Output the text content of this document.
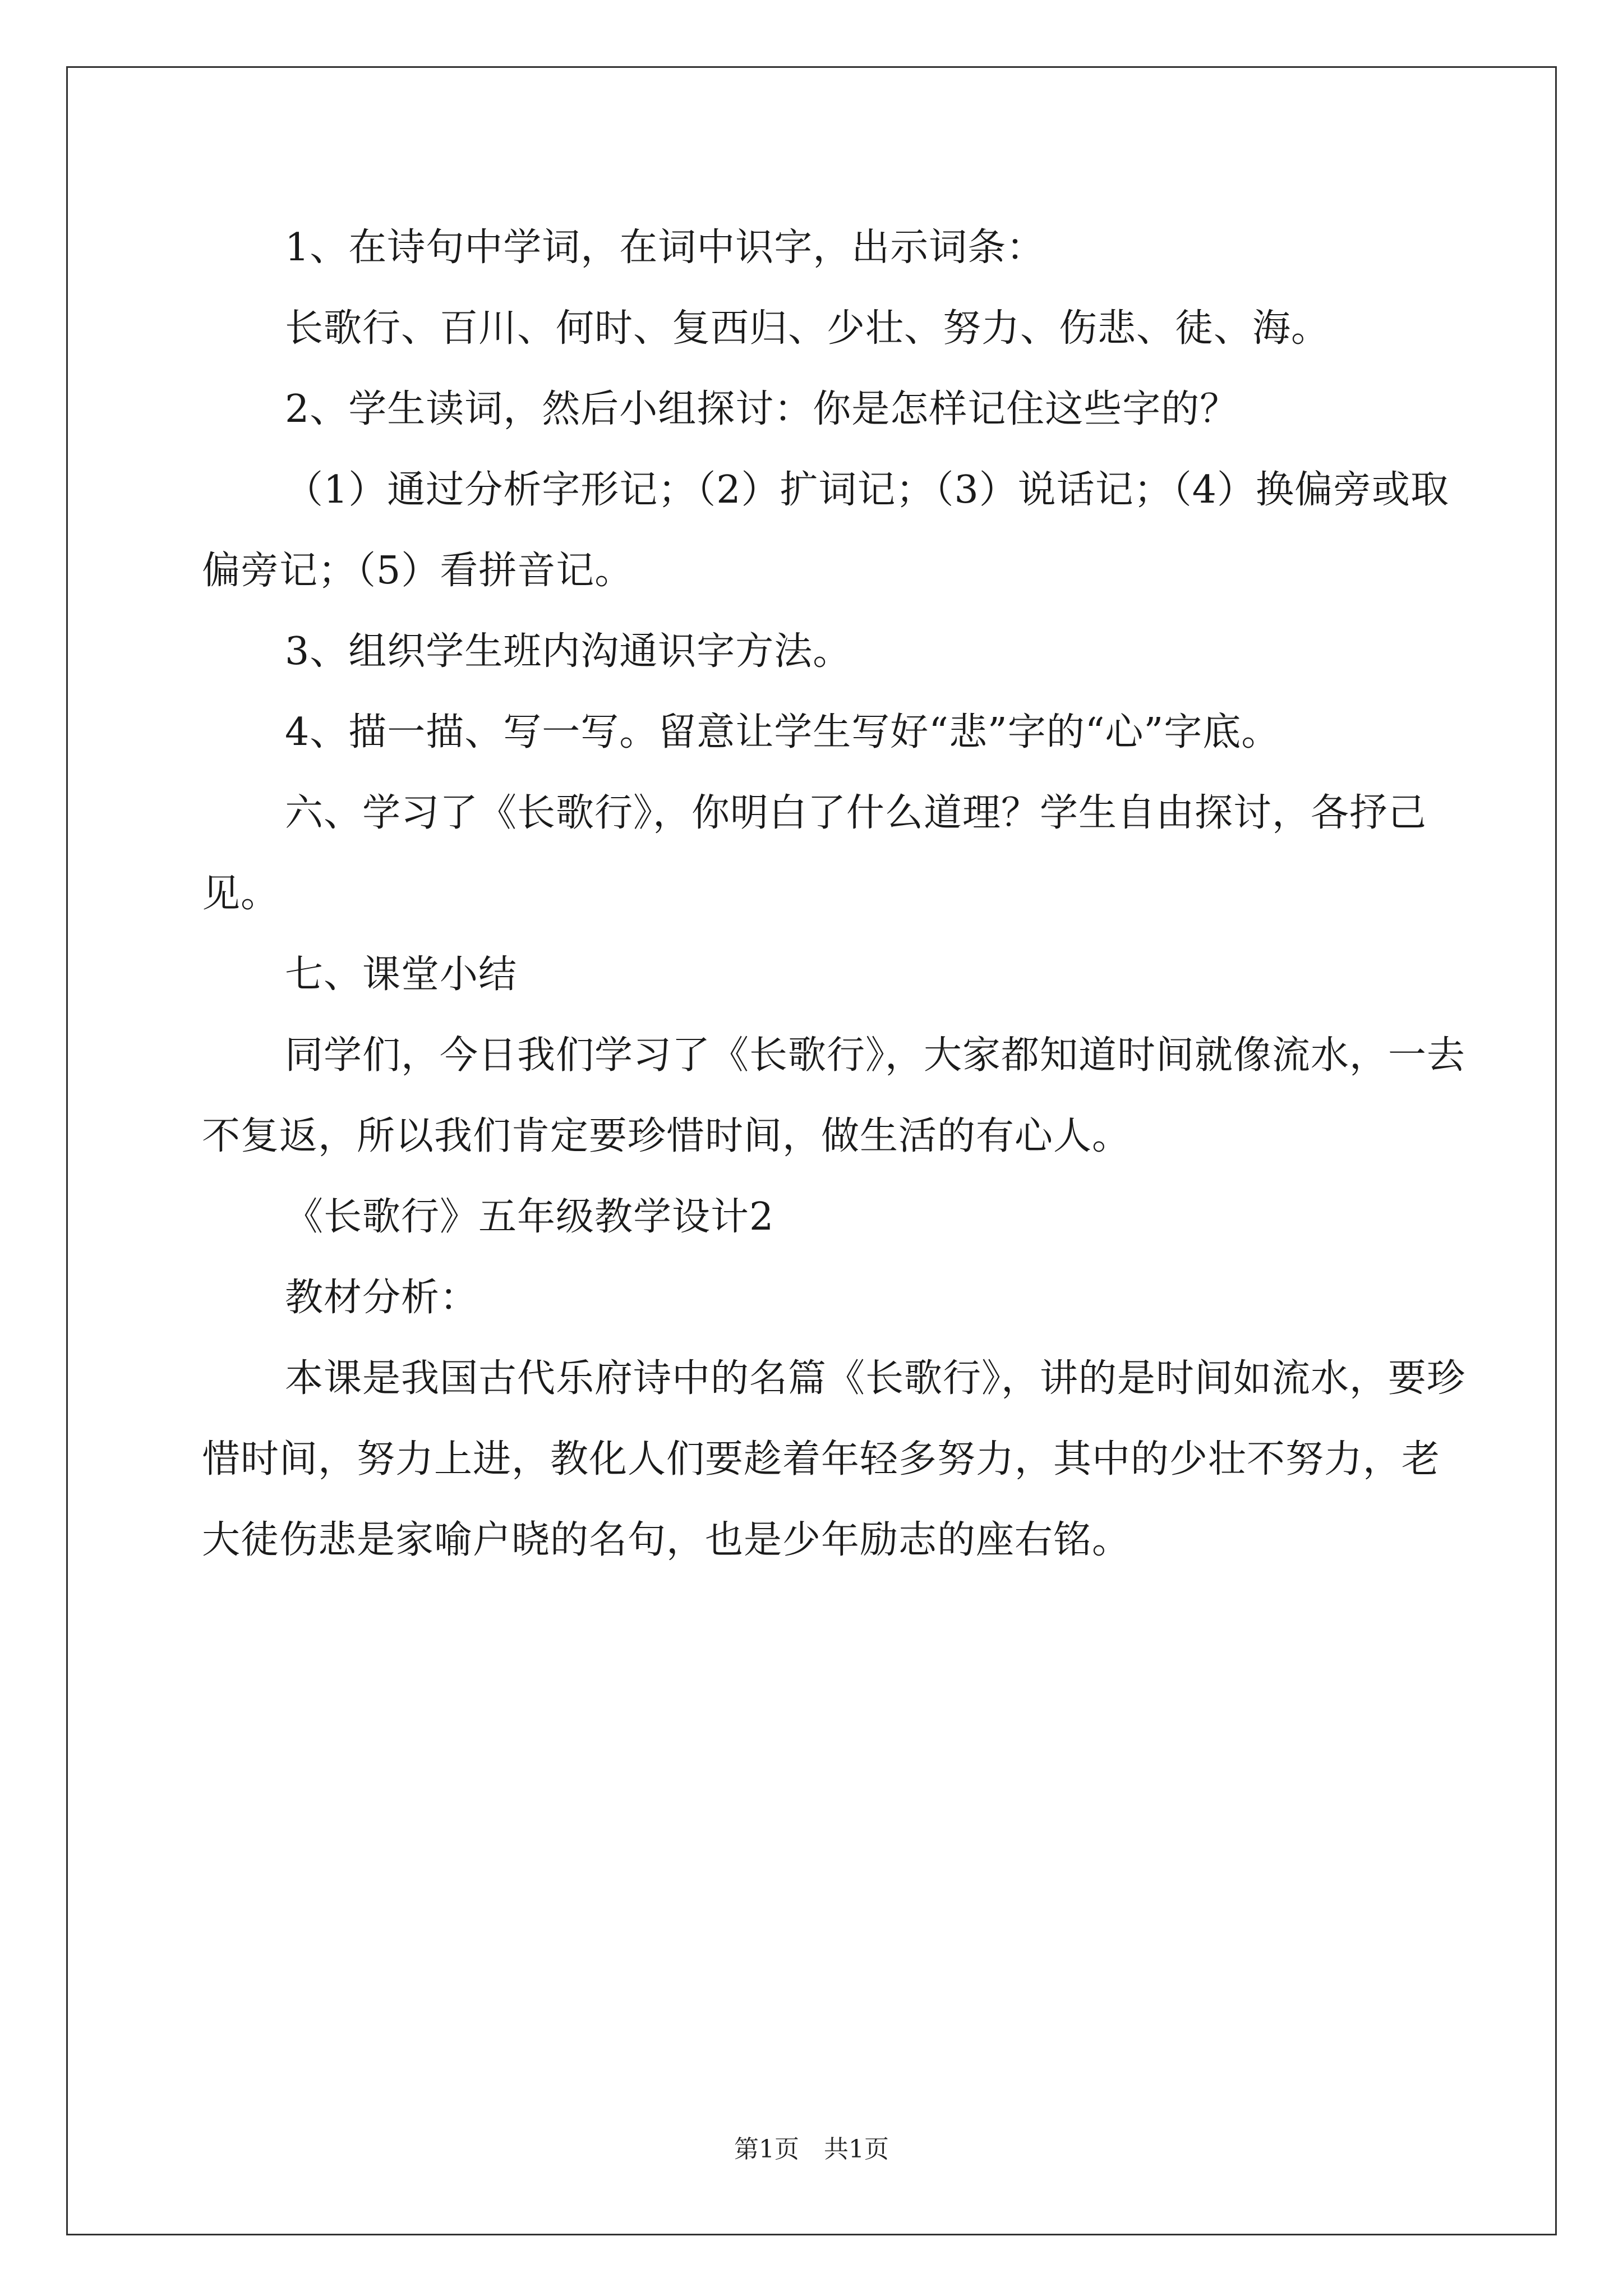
1、在诗句中学词，在词中识字，出示词条：

长歌行、百川、何时、复西归、少壮、努力、伤悲、徒、海。

2、学生读词，然后小组探讨：你是怎样记住这些字的？

（1）通过分析字形记；（2）扩词记；（3）说话记；（4）换偏旁或取偏旁记；（5）看拼音记。

3、组织学生班内沟通识字方法。

4、描一描、写一写。留意让学生写好“悲”字的“心”字底。

六、学习了《长歌行》，你明白了什么道理？学生自由探讨，各抒己见。

七、课堂小结

同学们，今日我们学习了《长歌行》，大家都知道时间就像流水，一去不复返，所以我们肯定要珍惜时间，做生活的有心人。

《长歌行》五年级教学设计2

教材分析：

本课是我国古代乐府诗中的名篇《长歌行》，讲的是时间如流水，要珍惜时间，努力上进，教化人们要趁着年轻多努力，其中的少壮不努力，老大徒伤悲是家喻户晓的名句，也是少年励志的座右铭。

第1页　共1页
